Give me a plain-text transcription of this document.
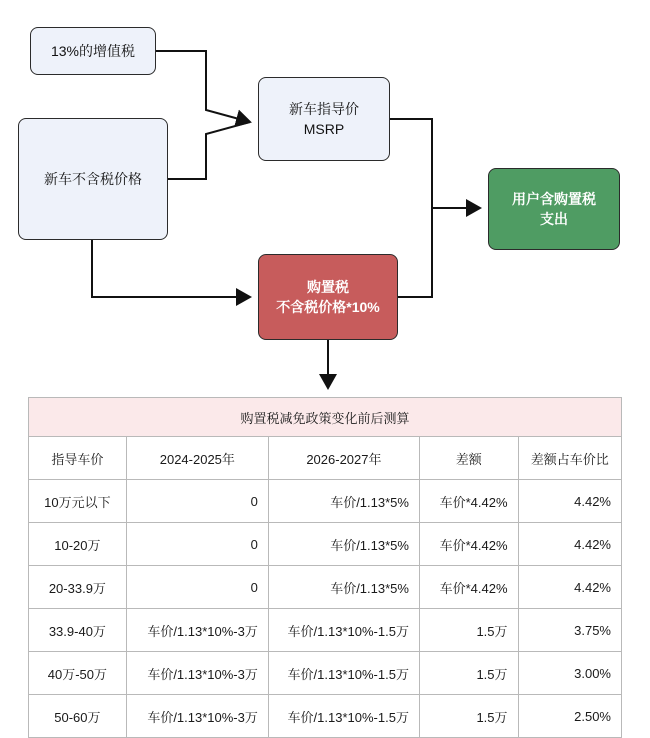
13%的增值税
新车不含税价格
新车指导价
MSRP
购置税
不含税价格*10%
用户含购置税
支出
购置税减免政策变化前后测算				
指导车价	2024-2025年	2026-2027年	差额	差额占车价比
10万元以下	0	车价/1.13*5%	车价*4.42%	4.42%
10-20万	0	车价/1.13*5%	车价*4.42%	4.42%
20-33.9万	0	车价/1.13*5%	车价*4.42%	4.42%
33.9-40万	车价/1.13*10%-3万	车价/1.13*10%-1.5万	1.5万	3.75%
40万-50万	车价/1.13*10%-3万	车价/1.13*10%-1.5万	1.5万	3.00%
50-60万	车价/1.13*10%-3万	车价/1.13*10%-1.5万	1.5万	2.50%
